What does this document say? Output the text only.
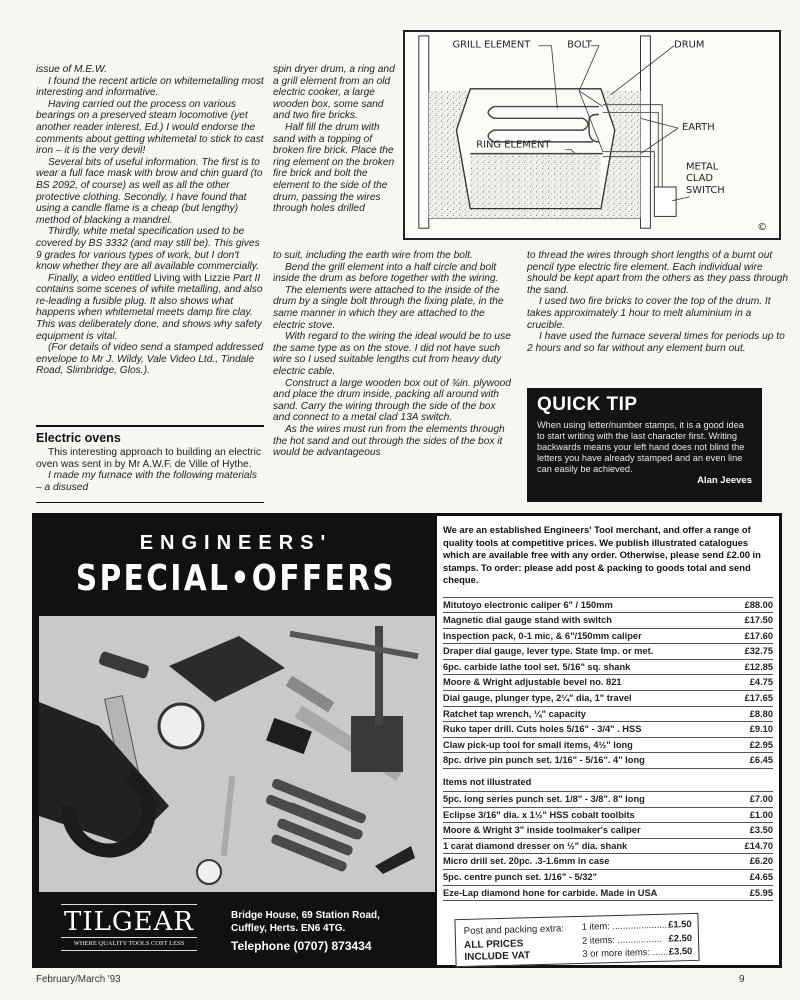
issue of M.E.W.

I found the recent article on whitemetalling most interesting and informative.

Having carried out the process on various bearings on a preserved steam locomotive (yet another reader interest, Ed.) I would endorse the comments about getting whitemetal to stick to cast iron – it is the very devil!

Several bits of useful information. The first is to wear a full face mask with brow and chin guard (to BS 2092, of course) as well as all the other protective clothing. Secondly, I have found that using a candle flame is a cheap (but lengthy) method of blacking a mandrel.

Thirdly, white metal specification used to be covered by BS 3332 (and may still be). This gives 9 grades for various types of work, but I don't know whether they are all available commercially.

Finally, a video entitled Living with Lizzie Part II contains some scenes of white metalling, and also re-leading a fusible plug. It also shows what happens when whitemetal meets damp fire clay. This was deliberately done, and shows why safety equipment is vital.

(For details of video send a stamped addressed envelope to Mr J. Wildy, Vale Video Ltd., Tindale Road, Slimbridge, Glos.).

Electric ovens

This interesting approach to building an electric oven was sent in by Mr A.W.F. de Ville of Hythe.

I made my furnace with the following materials – a disused

spin dryer drum, a ring and a grill element from an old electric cooker, a large wooden box, some sand and two fire bricks.

Half fill the drum with sand with a topping of broken fire brick. Place the ring element on the broken fire brick and bolt the element to the side of the drum, passing the wires through holes drilled

to suit, including the earth wire from the bolt.

Bend the grill element into a half circle and bolt inside the drum as before together with the wiring.

The elements were attached to the inside of the drum by a single bolt through the fixing plate, in the same manner in which they are attached to the electric stove.

With regard to the wiring the ideal would be to use the same type as on the stove. I did not have such wire so I used suitable lengths cut from heavy duty electric cable.

Construct a large wooden box out of ¾in. plywood and place the drum inside, packing all around with sand. Carry the wiring through the side of the box and connect to a metal clad 13A switch.

As the wires must run from the elements through the hot sand and out through the sides of the box it would be advantageous

to thread the wires through short lengths of a burnt out pencil type electric fire element. Each individual wire should be kept apart from the others as they pass through the sand.

I used two fire bricks to cover the top of the drum. It takes approximately 1 hour to melt aluminium in a crucible.

I have used the furnace several times for periods up to 2 hours and so far without any element burn out.

GRILL ELEMENT	BOLT	DRUM
EARTH
RING ELEMENT
METAL
CLAD
SWITCH
©
QUICK TIP
When using letter/number stamps, it is a good idea to start writing with the last character first. Writing backwards means your left hand does not blind the letters you have already stamped and an even line can easily be achieved.
Alan Jeeves
ENGINEERS'
SPECIAL•OFFERS
TILGEAR
WHERE QUALITY TOOLS COST LESS
Bridge House, 69 Station Road,
Cuffley, Herts. EN6 4TG.
Telephone (0707) 873434
We are an established Engineers' Tool merchant, and offer a range of quality tools at competitive prices. We publish illustrated catalogues which are available free with any order. Otherwise, please send £2.00 in stamps. To order: please add post & packing to goods total and send cheque.
Mitutoyo electronic caliper 6" / 150mm	£88.00
Magnetic dial gauge stand with switch	£17.50
Inspection pack, 0-1 mic, & 6"/150mm caliper	£17.60
Draper dial gauge, lever type. State Imp. or met.	£32.75
6pc. carbide lathe tool set. 5/16" sq. shank	£12.85
Moore & Wright adjustable bevel no. 821	£4.75
Dial gauge, plunger type, 2¼" dia, 1" travel	£17.65
Ratchet tap wrench, ¼" capacity	£8.80
Ruko taper drill. Cuts holes 5/16" - 3/4" . HSS	£9.10
Claw pick-up tool for small items, 4½" long	£2.95
8pc. drive pin punch set. 1/16" - 5/16". 4" long	£6.45
Items not illustrated
5pc. long series punch set. 1/8" - 3/8". 8" long	£7.00
Eclipse 3/16" dia. x 1½" HSS cobalt toolbits	£1.00
Moore & Wright 3" inside toolmaker's caliper	£3.50
1 carat diamond dresser on ½" dia. shank	£14.70
Micro drill set. 20pc. .3-1.6mm in case	£6.20
5pc. centre punch set. 1/16" - 5/32"	£4.65
Eze-Lap diamond hone for carbide. Made in USA	£5.95
Post and packing extra:
ALL PRICES
INCLUDE VAT
1 item: ..................... £1.50
2 items: ................. £2.50
3 or more items: ...... £3.50
February/March '93	9
